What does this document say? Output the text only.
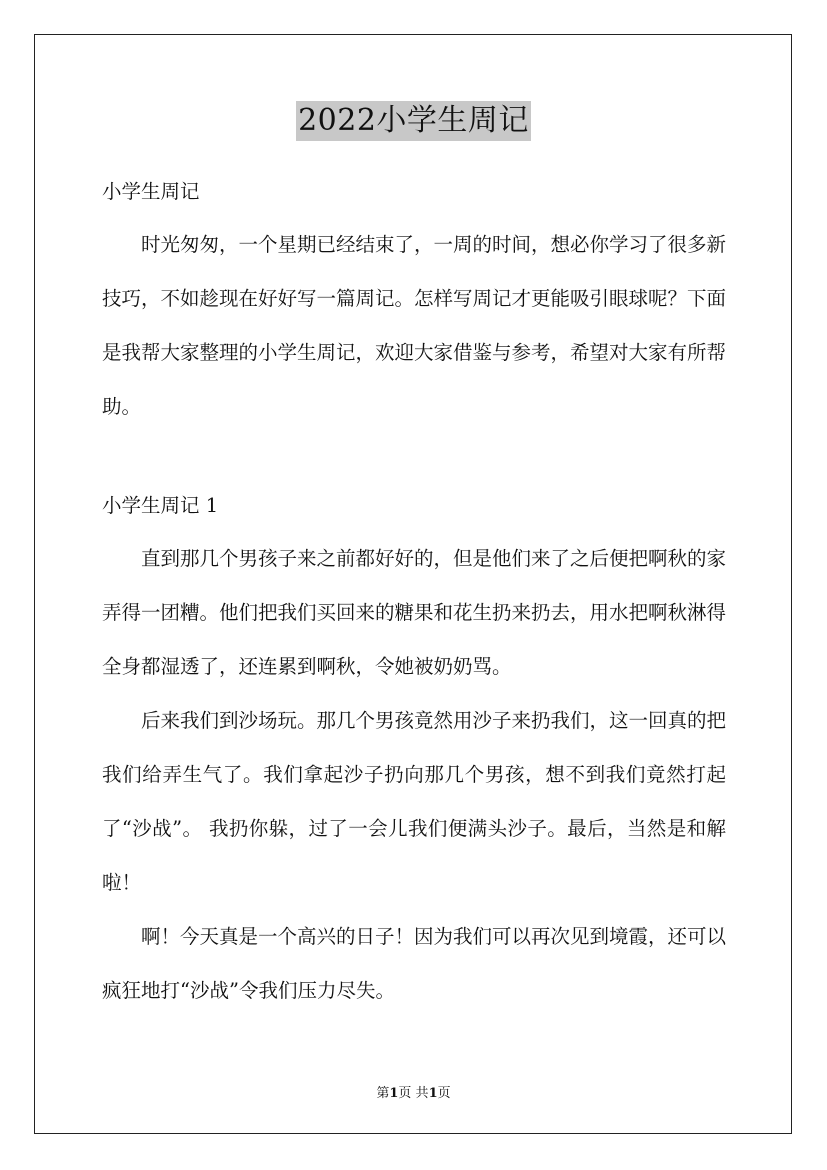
2022小学生周记

小学生周记

时光匆匆，一个星期已经结束了，一周的时间，想必你学习了很多新技巧，不如趁现在好好写一篇周记。怎样写周记才更能吸引眼球呢？下面是我帮大家整理的小学生周记，欢迎大家借鉴与参考，希望对大家有所帮助。

小学生周记 1

直到那几个男孩子来之前都好好的，但是他们来了之后便把啊秋的家弄得一团糟。他们把我们买回来的糖果和花生扔来扔去，用水把啊秋淋得全身都湿透了，还连累到啊秋，令她被奶奶骂。

后来我们到沙场玩。那几个男孩竟然用沙子来扔我们，这一回真的把我们给弄生气了。我们拿起沙子扔向那几个男孩，想不到我们竟然打起了“沙战”。 我扔你躲，过了一会儿我们便满头沙子。最后，当然是和解啦！

啊！今天真是一个高兴的日子！因为我们可以再次见到境霞，还可以疯狂地打“沙战”令我们压力尽失。

第1页 共1页
